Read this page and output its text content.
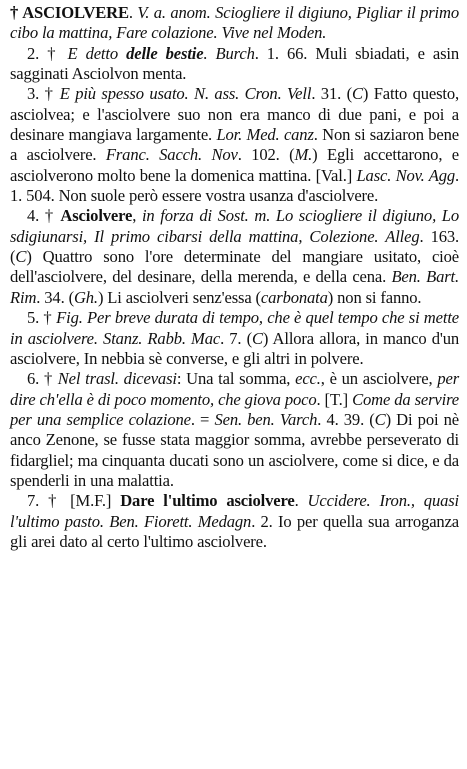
† ASCIOLVERE. V. a. anom. Sciogliere il digiuno, Pigliar il primo cibo la mattina, Fare colazione. Vive nel Moden.

2. † E detto delle bestie. Burch. 1. 66. Muli sbiadati, e asin sagginati Asciolvon menta.

3. † E più spesso usato. N. ass. Cron. Vell. 31. (C) Fatto questo, asciolvea; e l'asciolvere suo non era manco di due pani, e poi a desinare mangiava largamente. Lor. Med. canz. Non si saziaron bene a asciolvere. Franc. Sacch. Nov. 102. (M.) Egli accettarono, e asciolverono molto bene la domenica mattina. [Val.] Lasc. Nov. Agg. 1. 504. Non suole però essere vostra usanza d'asciolvere.

4. † Asciolvere, in forza di Sost. m. Lo sciogliere il digiuno, Lo sdigiunarsi, Il primo cibarsi della mattina, Colezione. Alleg. 163. (C) Quattro sono l'ore determinate del mangiare usitato, cioè dell'asciolvere, del desinare, della merenda, e della cena. Ben. Bart. Rim. 34. (Gh.) Li asciolveri senz'essa (carbonata) non si fanno.

5. † Fig. Per breve durata di tempo, che è quel tempo che si mette in asciolvere. Stanz. Rabb. Mac. 7. (C) Allora allora, in manco d'un asciolvere, In nebbia sè converse, e gli altri in polvere.

6. † Nel trasl. dicevasi: Una tal somma, ecc., è un asciolvere, per dire ch'ella è di poco momento, che giova poco. [T.] Come da servire per una semplice colazione. = Sen. ben. Varch. 4. 39. (C) Di poi nè anco Zenone, se fusse stata maggior somma, avrebbe perseverato di fidargliel; ma cinquanta ducati sono un asciolvere, come si dice, e da spenderli in una malattia.

7. † [M.F.] Dare l'ultimo asciolvere. Uccidere. Iron., quasi l'ultimo pasto. Ben. Fiorett. Medagn. 2. Io per quella sua arroganza gli arei dato al certo l'ultimo asciolvere.
